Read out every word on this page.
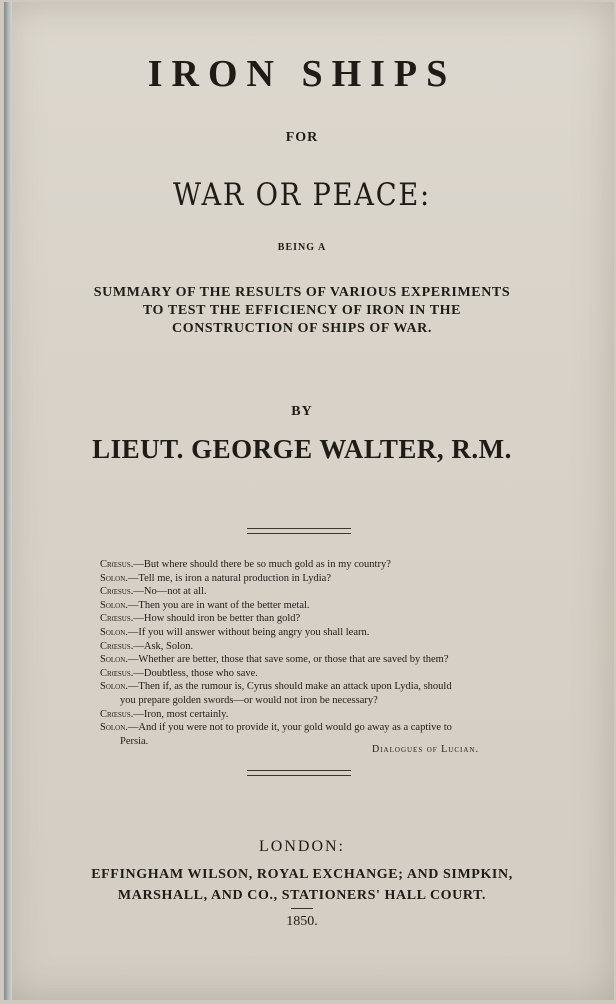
IRON SHIPS
FOR
WAR OR PEACE:
BEING A
SUMMARY OF THE RESULTS OF VARIOUS EXPERIMENTS
TO TEST THE EFFICIENCY OF IRON IN THE
CONSTRUCTION OF SHIPS OF WAR.
BY
LIEUT. GEORGE WALTER, R.M.
Crœsus.—But where should there be so much gold as in my country?
Solon.—Tell me, is iron a natural production in Lydia?
Crœsus.—No—not at all.
Solon.—Then you are in want of the better metal.
Crœsus.—How should iron be better than gold?
Solon.—If you will answer without being angry you shall learn.
Crœsus.—Ask, Solon.
Solon.—Whether are better, those that save some, or those that are saved by them?
Crœsus.—Doubtless, those who save.
Solon.—Then if, as the rumour is, Cyrus should make an attack upon Lydia, should
you prepare golden swords—or would not iron be necessary?
Crœsus.—Iron, most certainly.
Solon.—And if you were not to provide it, your gold would go away as a captive to
Persia.
Dialogues of Lucian.
LONDON:
EFFINGHAM WILSON, ROYAL EXCHANGE; AND SIMPKIN,
MARSHALL, AND CO., STATIONERS' HALL COURT.
1850.
